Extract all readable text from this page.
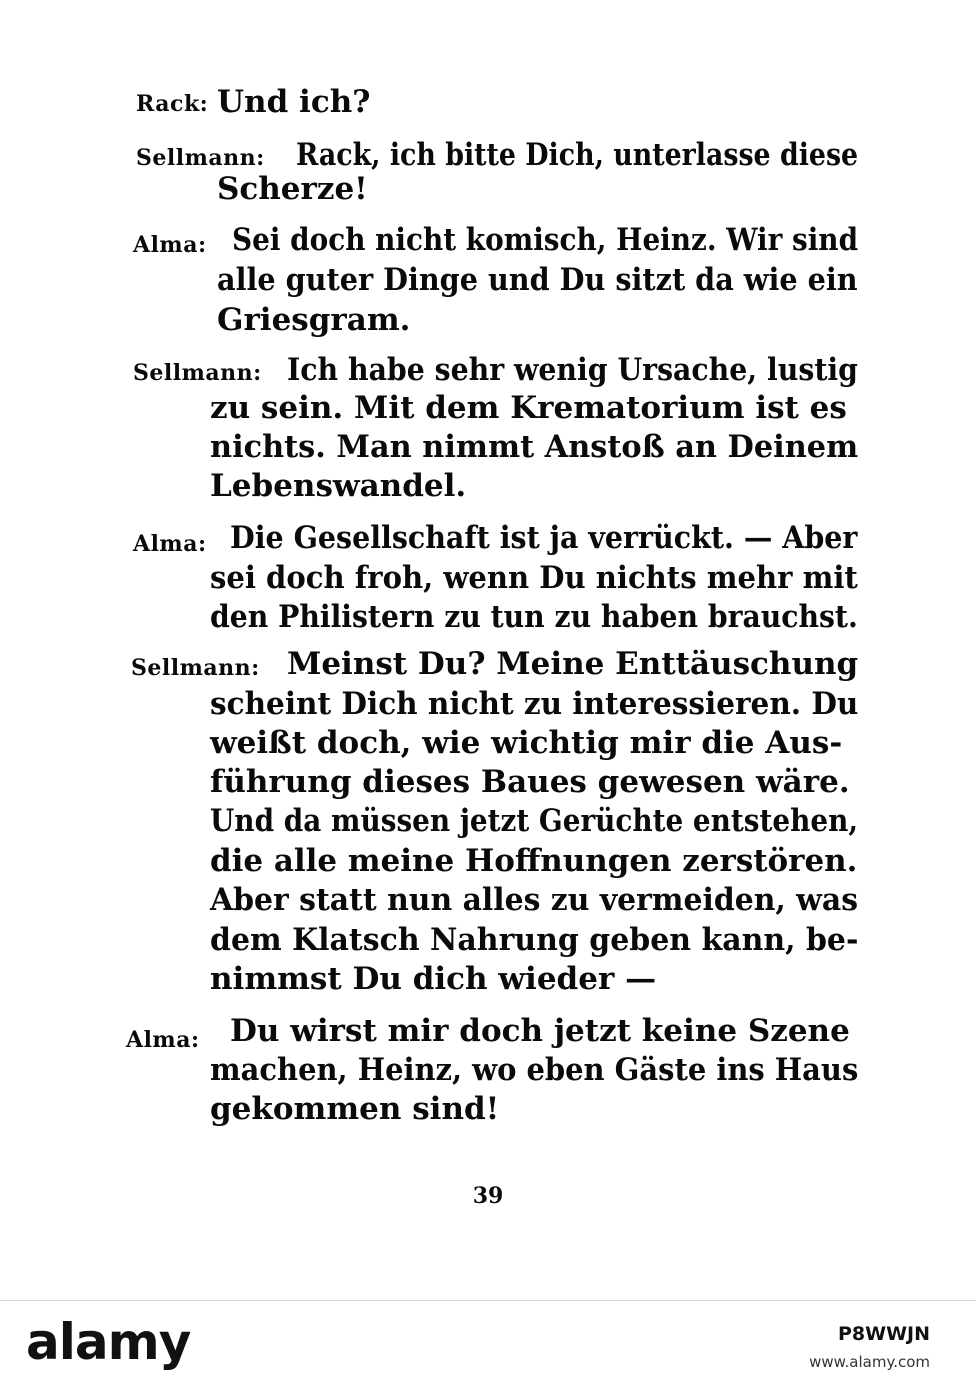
Rack: Und ich?
Sellmann: Rack, ich bitte Dich, unterlasse diese
Scherze!
Alma: Sei doch nicht komisch, Heinz. Wir sind
alle guter Dinge und Du sitzt da wie ein
Griesgram.
Sellmann: Ich habe sehr wenig Ursache, lustig
zu sein. Mit dem Krematorium ist es
nichts. Man nimmt Anstoß an Deinem
Lebenswandel.
Alma: Die Gesellschaft ist ja verrückt. — Aber
sei doch froh, wenn Du nichts mehr mit
den Philistern zu tun zu haben brauchst.
Sellmann: Meinst Du? Meine Enttäuschung
scheint Dich nicht zu interessieren. Du
weißt doch, wie wichtig mir die Aus-
führung dieses Baues gewesen wäre.
Und da müssen jetzt Gerüchte entstehen,
die alle meine Hoffnungen zerstören.
Aber statt nun alles zu vermeiden, was
dem Klatsch Nahrung geben kann, be-
nimmst Du dich wieder —
Alma: Du wirst mir doch jetzt keine Szene
machen, Heinz, wo eben Gäste ins Haus
gekommen sind!
39
alamy	P8WWJN
www.alamy.com
